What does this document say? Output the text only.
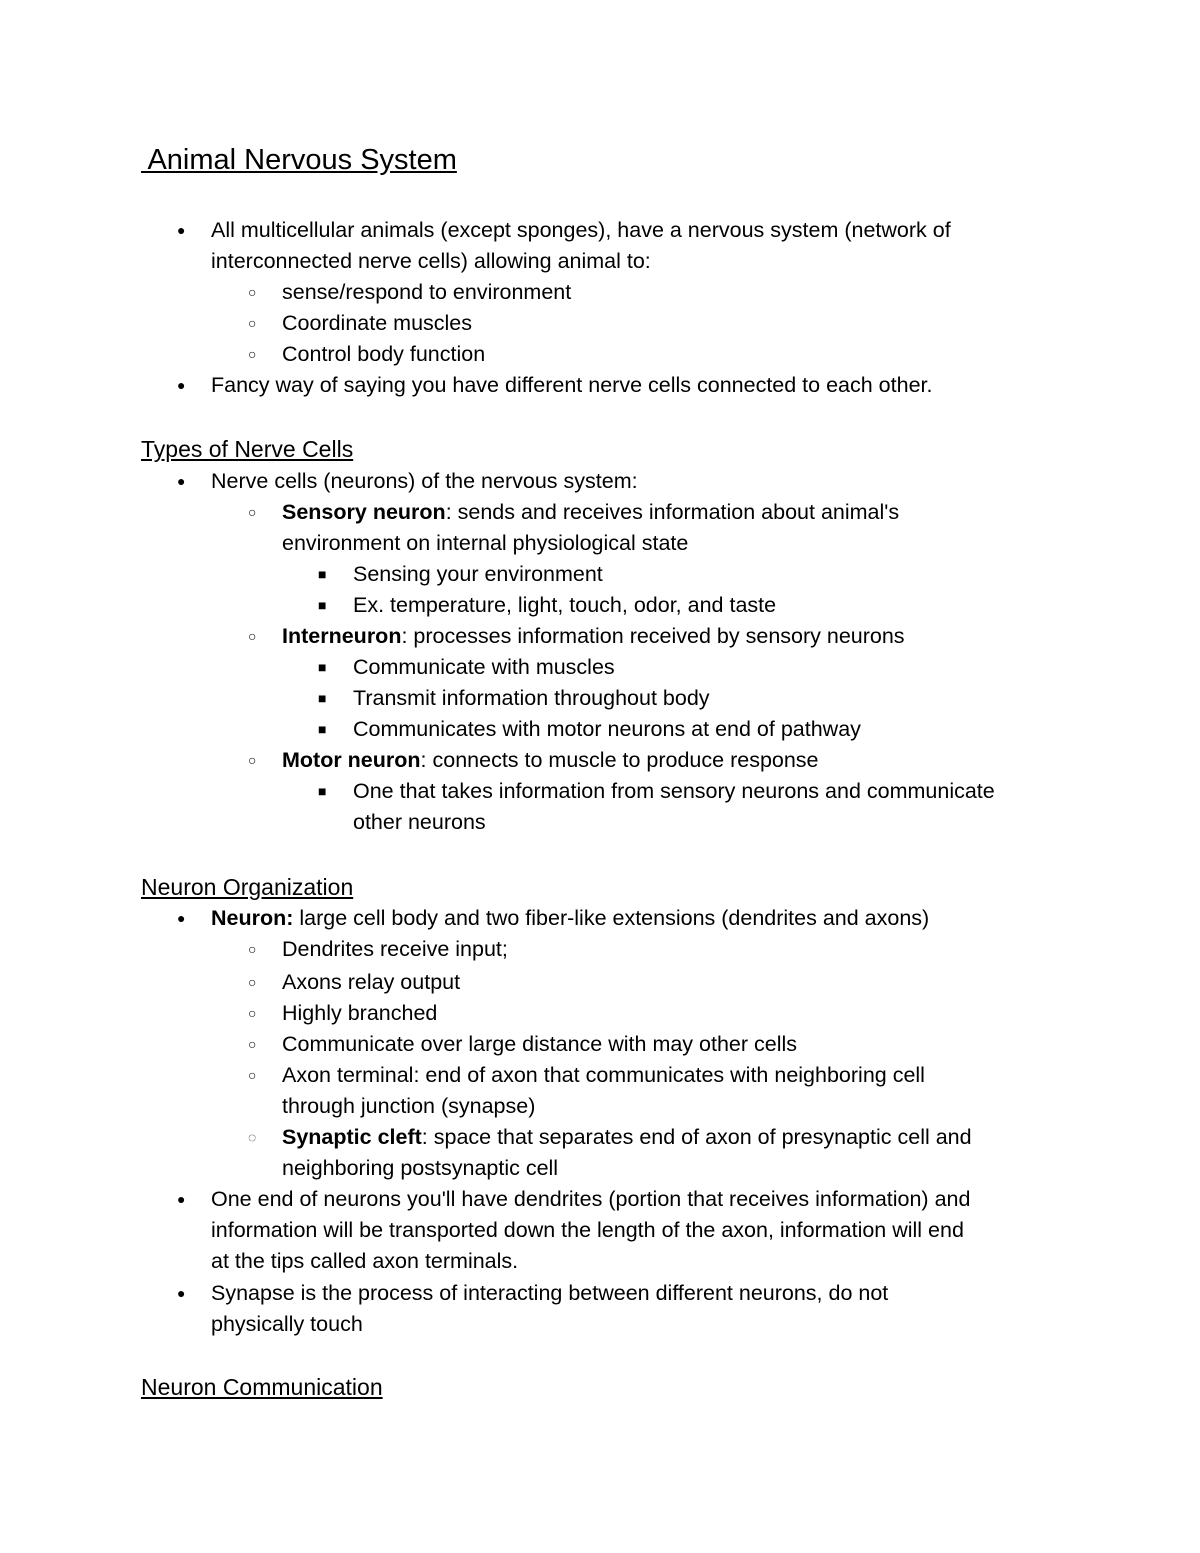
Animal Nervous System
● All multicellular animals (except sponges), have a nervous system (network of
interconnected nerve cells) allowing animal to:
○ sense/respond to environment
○ Coordinate muscles
○ Control body function
● Fancy way of saying you have different nerve cells connected to each other.
Types of Nerve Cells
● Nerve cells (neurons) of the nervous system:
○ Sensory neuron: sends and receives information about animal's
environment on internal physiological state
■ Sensing your environment
■ Ex. temperature, light, touch, odor, and taste
○ Interneuron: processes information received by sensory neurons
■ Communicate with muscles
■ Transmit information throughout body
■ Communicates with motor neurons at end of pathway
○ Motor neuron: connects to muscle to produce response
■ One that takes information from sensory neurons and communicate
other neurons
Neuron Organization
● Neuron: large cell body and two fiber-like extensions (dendrites and axons)
○ Dendrites receive input;
○ Axons relay output
○ Highly branched
○ Communicate over large distance with may other cells
○ Axon terminal: end of axon that communicates with neighboring cell
through junction (synapse)
◌ Synaptic cleft: space that separates end of axon of presynaptic cell and
neighboring postsynaptic cell
● One end of neurons you'll have dendrites (portion that receives information) and
information will be transported down the length of the axon, information will end
at the tips called axon terminals.
● Synapse is the process of interacting between different neurons, do not
physically touch
Neuron Communication
